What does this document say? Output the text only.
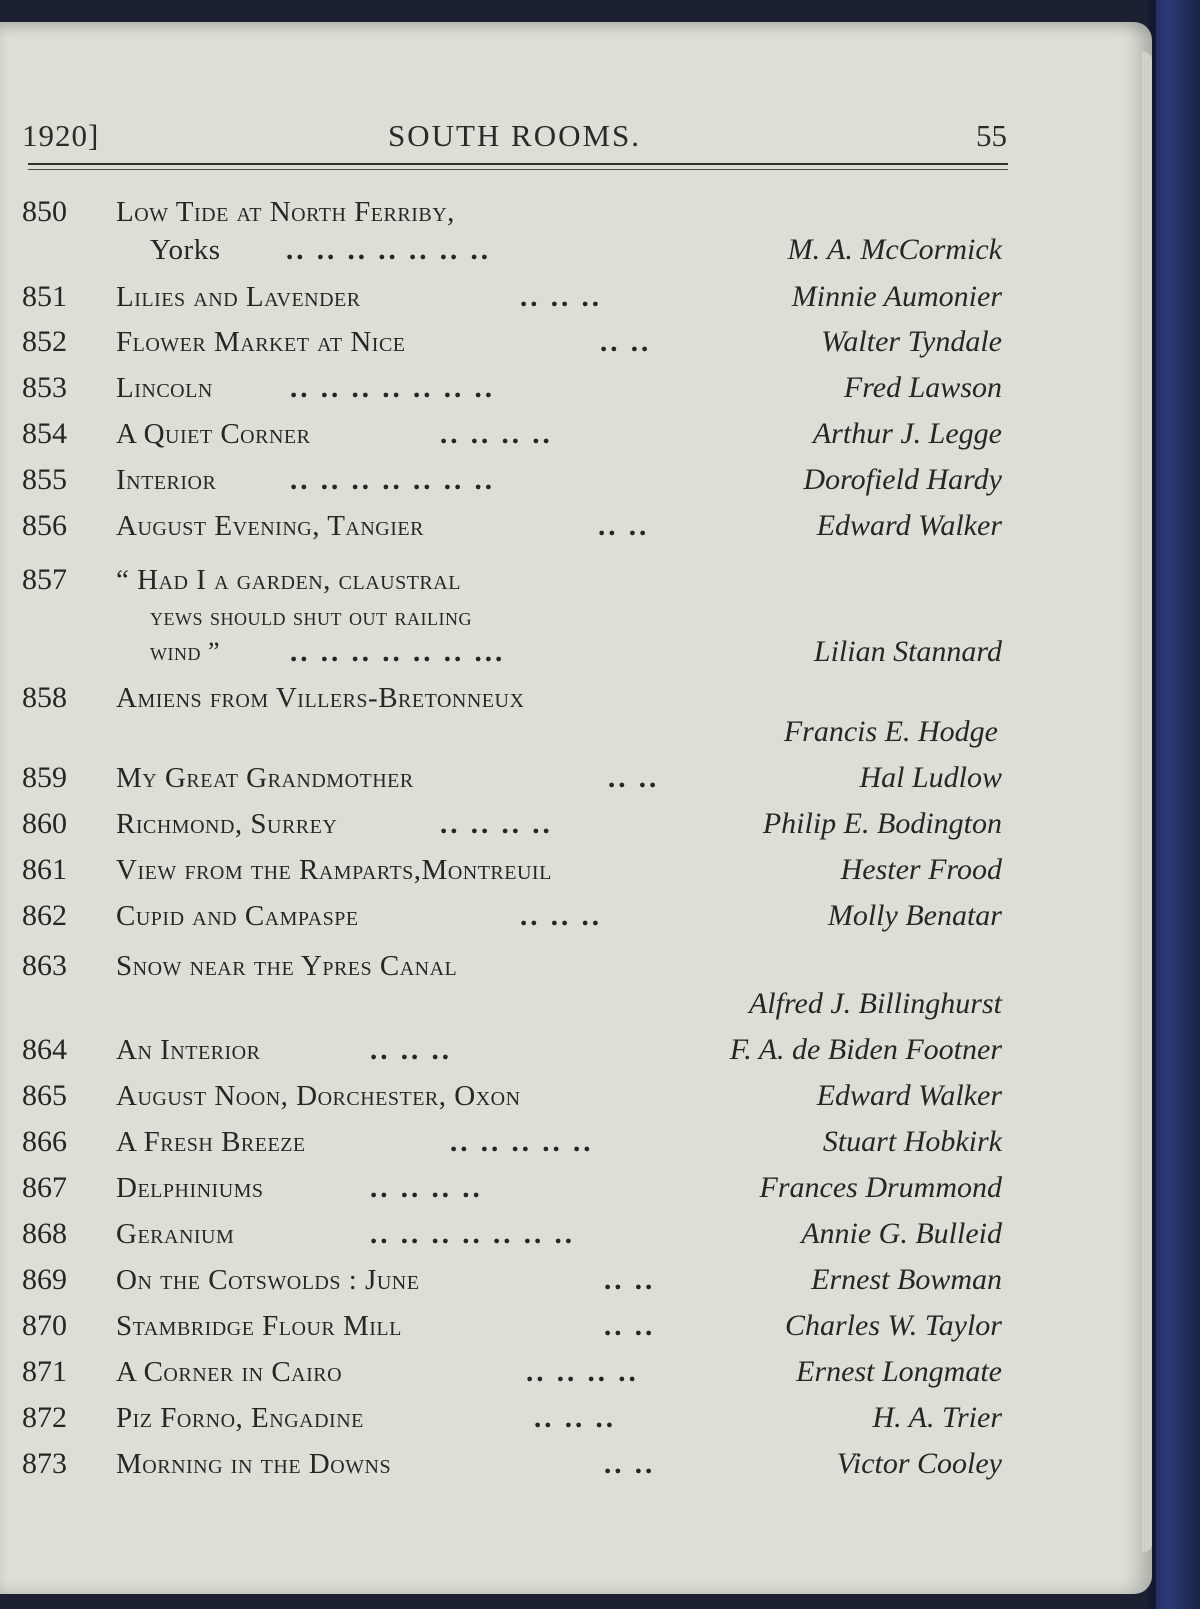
1920]	SOUTH ROOMS.	55
850 Low Tide at North Ferriby,
Yorks .. .. .. .. .. .. ..	M. A. McCormick
851 Lilies and Lavender	.. .. ..	Minnie Aumonier
852 Flower Market at Nice	.. ..	Walter Tyndale
853 Lincoln	.. .. .. .. .. .. ..	Fred Lawson
854 A Quiet Corner	.. .. .. ..	Arthur J. Legge
855 Interior	.. .. .. .. .. .. ..	Dorofield Hardy
856 August Evening, Tangier	.. ..	Edward Walker
857 “ Had I a garden, claustral
yews should shut out railing
wind ” .. .. .. .. .. .. ...	Lilian Stannard
858 Amiens from Villers-Bretonneux
Francis E. Hodge
859 My Great Grandmother	.. ..	Hal Ludlow
860 Richmond, Surrey	.. .. .. ..	Philip E. Bodington
861 View from the Ramparts,Montreuil	Hester Frood
862 Cupid and Campaspe	.. .. ..	Molly Benatar
863 Snow near the Ypres Canal
Alfred J. Billinghurst
864 An Interior	.. .. ..	F. A. de Biden Footner
865 August Noon, Dorchester, Oxon	Edward Walker
866 A Fresh Breeze	.. .. .. .. ..	Stuart Hobkirk
867 Delphiniums	.. .. .. ..	Frances Drummond
868 Geranium	.. .. .. .. .. .. ..	Annie G. Bulleid
869 On the Cotswolds : June	.. ..	Ernest Bowman
870 Stambridge Flour Mill	.. ..	Charles W. Taylor
871 A Corner in Cairo	.. .. .. ..	Ernest Longmate
872 Piz Forno, Engadine	.. .. ..	H. A. Trier
873 Morning in the Downs	.. ..	Victor Cooley
